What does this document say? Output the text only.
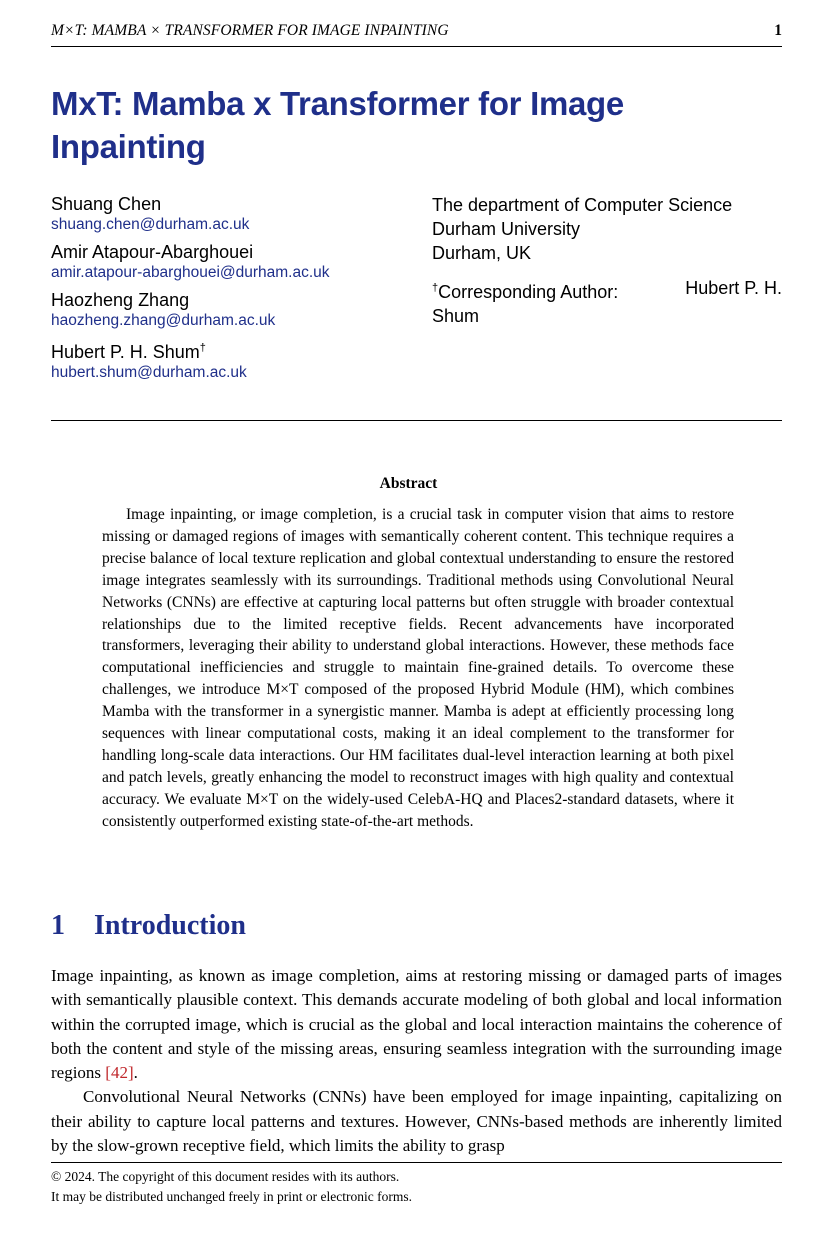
M×T: MAMBA × TRANSFORMER FOR IMAGE INPAINTING	1
MxT: Mamba x Transformer for Image Inpainting
Shuang Chen
shuang.chen@durham.ac.uk
Amir Atapour-Abarghouei
amir.atapour-abarghouei@durham.ac.uk
Haozheng Zhang
haozheng.zhang@durham.ac.uk
Hubert P. H. Shum†
hubert.shum@durham.ac.uk
The department of Computer Science
Durham University
Durham, UK
†Corresponding Author:	Hubert P. H.
Shum
Abstract
Image inpainting, or image completion, is a crucial task in computer vision that aims to restore missing or damaged regions of images with semantically coherent content. This technique requires a precise balance of local texture replication and global contextual understanding to ensure the restored image integrates seamlessly with its surroundings. Traditional methods using Convolutional Neural Networks (CNNs) are effective at capturing local patterns but often struggle with broader contextual relationships due to the limited receptive fields. Recent advancements have incorporated transformers, leveraging their ability to understand global interactions. However, these methods face computational inefficiencies and struggle to maintain fine-grained details. To overcome these challenges, we introduce M×T composed of the proposed Hybrid Module (HM), which combines Mamba with the transformer in a synergistic manner. Mamba is adept at efficiently processing long sequences with linear computational costs, making it an ideal complement to the transformer for handling long-scale data interactions. Our HM facilitates dual-level interaction learning at both pixel and patch levels, greatly enhancing the model to reconstruct images with high quality and contextual accuracy. We evaluate M×T on the widely-used CelebA-HQ and Places2-standard datasets, where it consistently outperformed existing state-of-the-art methods.
1 Introduction

Image inpainting, as known as image completion, aims at restoring missing or damaged parts of images with semantically plausible context. This demands accurate modeling of both global and local information within the corrupted image, which is crucial as the global and local interaction maintains the coherence of both the content and style of the missing areas, ensuring seamless integration with the surrounding image regions [42].

Convolutional Neural Networks (CNNs) have been employed for image inpainting, capitalizing on their ability to capture local patterns and textures. However, CNNs-based methods are inherently limited by the slow-grown receptive field, which limits the ability to grasp

© 2024. The copyright of this document resides with its authors.
It may be distributed unchanged freely in print or electronic forms.
